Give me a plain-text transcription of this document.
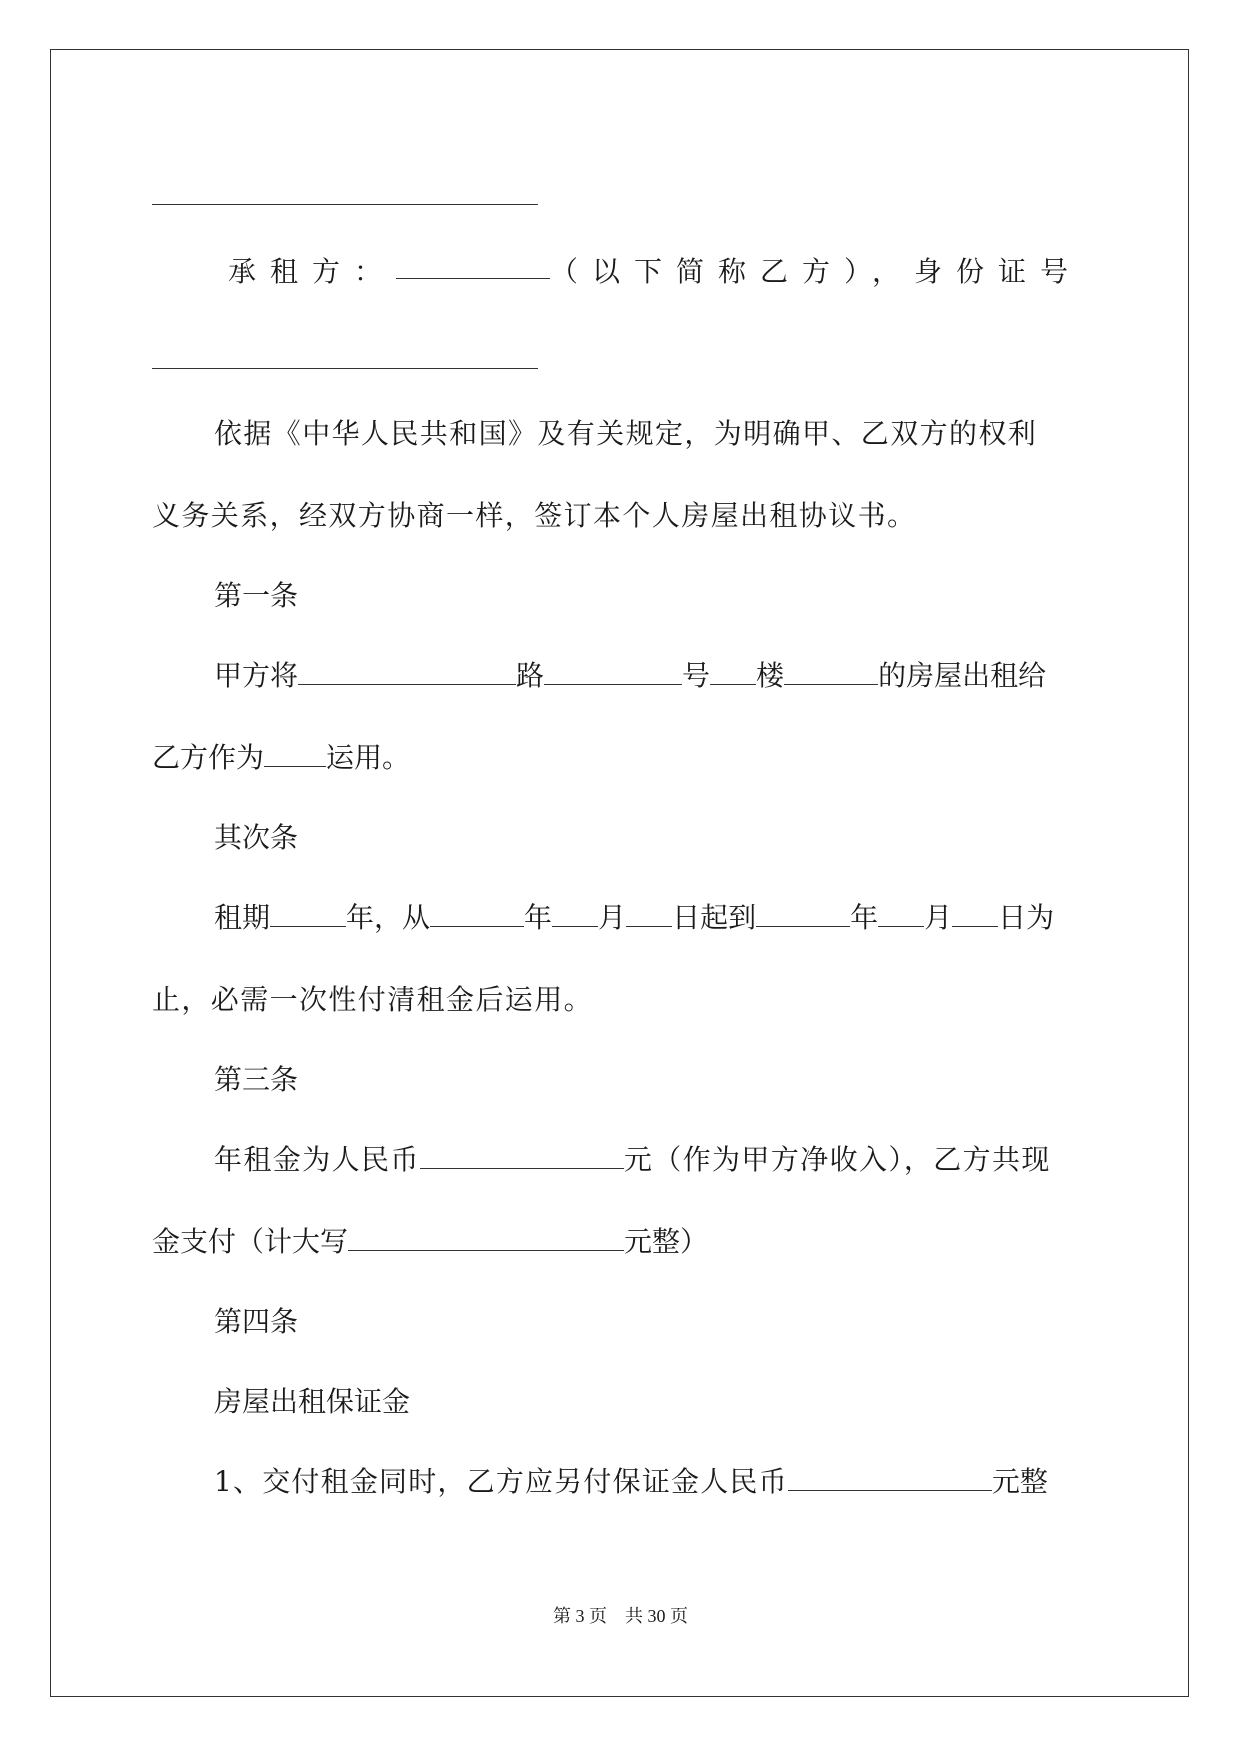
承租方：	（以下简称乙方），身份证号
依据《中华人民共和国》及有关规定，为明确甲、乙双方的权利
义务关系，经双方协商一样，签订本个人房屋出租协议书。
第一条
甲方将	路	号 楼	的房屋出租给
乙方作为 运用。
其次条
租期	年，从	年 月 日起到	年 月 日为
止，必需一次性付清租金后运用。
第三条
年租金为人民币	元（作为甲方净收入），乙方共现
金支付（计大写	元整）
第四条
房屋出租保证金
1、交付租金同时，乙方应另付保证金人民币	元整
第 3 页    共 30 页
